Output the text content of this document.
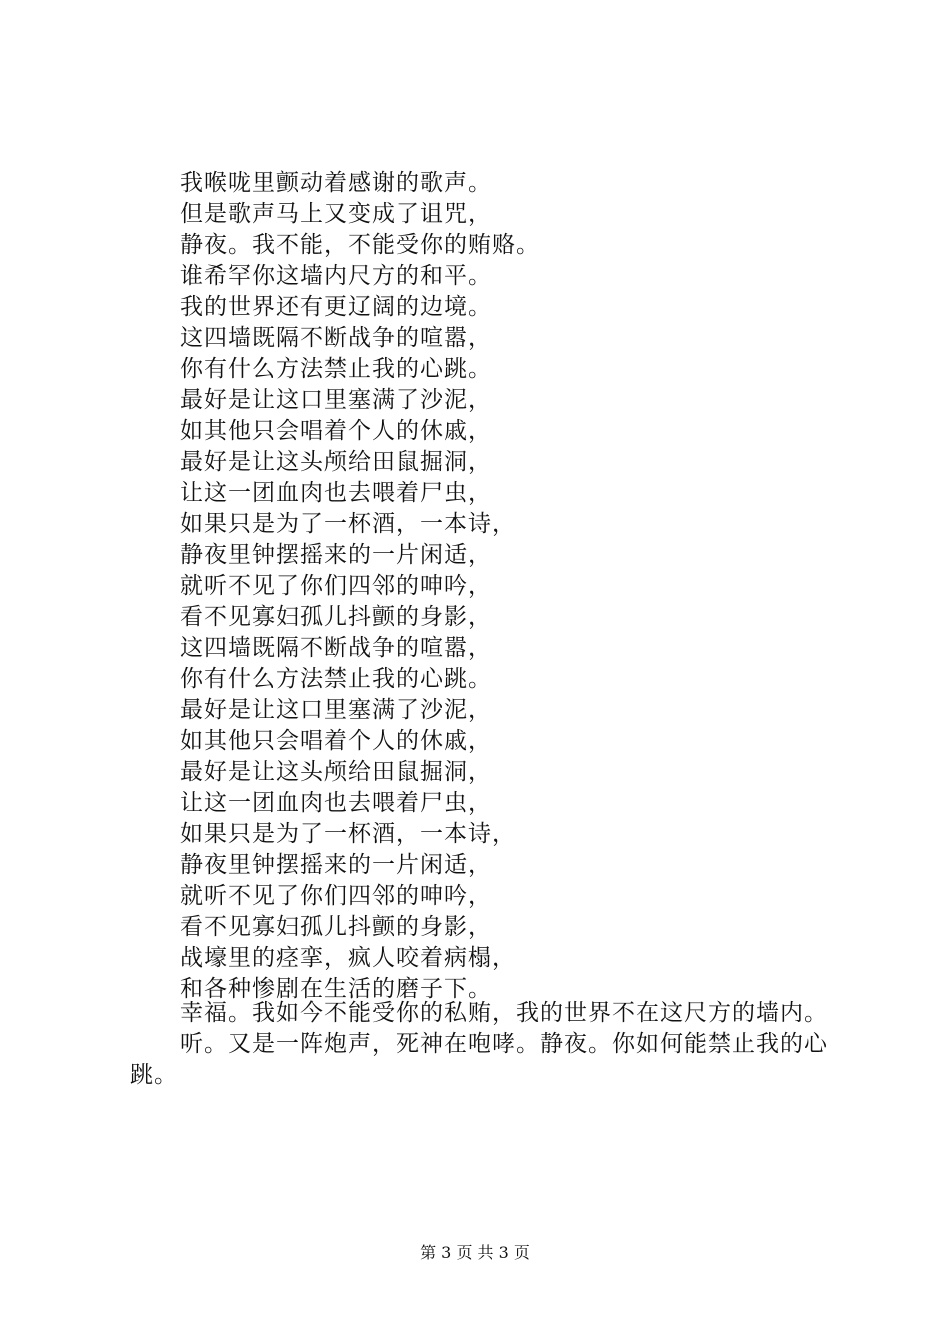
我喉咙里颤动着感谢的歌声。
但是歌声马上又变成了诅咒，
静夜。我不能，不能受你的贿赂。
谁希罕你这墙内尺方的和平。
我的世界还有更辽阔的边境。
这四墙既隔不断战争的喧嚣，
你有什么方法禁止我的心跳。
最好是让这口里塞满了沙泥，
如其他只会唱着个人的休戚，
最好是让这头颅给田鼠掘洞，
让这一团血肉也去喂着尸虫，
如果只是为了一杯酒，一本诗，
静夜里钟摆摇来的一片闲适，
就听不见了你们四邻的呻吟，
看不见寡妇孤儿抖颤的身影，
这四墙既隔不断战争的喧嚣，
你有什么方法禁止我的心跳。
最好是让这口里塞满了沙泥，
如其他只会唱着个人的休戚，
最好是让这头颅给田鼠掘洞，
让这一团血肉也去喂着尸虫，
如果只是为了一杯酒，一本诗，
静夜里钟摆摇来的一片闲适，
就听不见了你们四邻的呻吟，
看不见寡妇孤儿抖颤的身影，
战壕里的痉挛，疯人咬着病榻，
和各种惨剧在生活的磨子下。

幸福。我如今不能受你的私贿，我的世界不在这尺方的墙内。

听。又是一阵炮声，死神在咆哮。静夜。你如何能禁止我的心跳。

第 3 页 共 3 页
